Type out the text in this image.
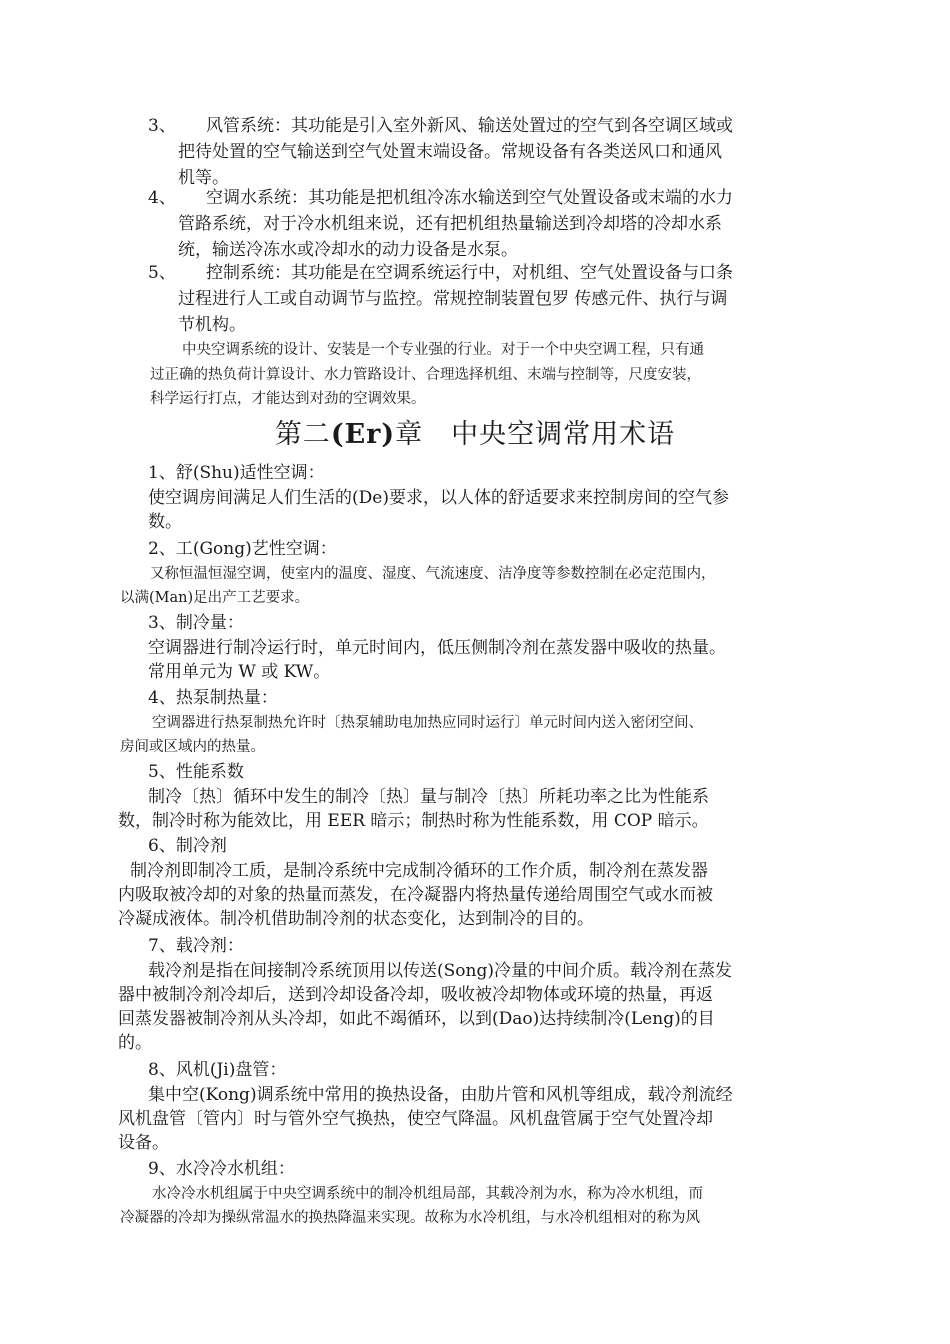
3、	风管系统：其功能是引入室外新风、输送处置过的空气到各空调区域或
把待处置的空气输送到空气处置末端设备。常规设备有各类送风口和通风
机等。
4、	空调水系统：其功能是把机组冷冻水输送到空气处置设备或末端的水力
管路系统，对于冷水机组来说，还有把机组热量输送到冷却塔的冷却水系
统，输送冷冻水或冷却水的动力设备是水泵。
5、	控制系统：其功能是在空调系统运行中，对机组、空气处置设备与口条
过程进行人工或自动调节与监控。常规控制装置包罗 传感元件、执行与调
节机构。
中央空调系统的设计、安装是一个专业强的行业。对于一个中央空调工程，只有通
过正确的热负荷计算设计、水力管路设计、合理选择机组、末端与控制等，尺度安装，
科学运行打点，才能达到对劲的空调效果。
第二(Er)章　中央空调常用术语
1、舒(Shu)适性空调：
使空调房间满足人们生活的(De)要求，以人体的舒适要求来控制房间的空气参
数。
2、工(Gong)艺性空调：
又称恒温恒湿空调，使室内的温度、湿度、气流速度、洁净度等参数控制在必定范围内，
以满(Man)足出产工艺要求。
3、制冷量：
空调器进行制冷运行时，单元时间内，低压侧制冷剂在蒸发器中吸收的热量。
常用单元为 W 或 KW。
4、热泵制热量：
空调器进行热泵制热允许时〔热泵辅助电加热应同时运行〕单元时间内送入密闭空间、
房间或区域内的热量。
5、性能系数
制冷〔热〕循环中发生的制冷〔热〕量与制冷〔热〕所耗功率之比为性能系
数，制冷时称为能效比，用 EER 暗示；制热时称为性能系数，用 COP 暗示。
6、制冷剂
制冷剂即制冷工质，是制冷系统中完成制冷循环的工作介质，制冷剂在蒸发器
内吸取被冷却的对象的热量而蒸发，在冷凝器内将热量传递给周围空气或水而被
冷凝成液体。制冷机借助制冷剂的状态变化，达到制冷的目的。
7、载冷剂：
载冷剂是指在间接制冷系统顶用以传送(Song)冷量的中间介质。载冷剂在蒸发
器中被制冷剂冷却后，送到冷却设备冷却，吸收被冷却物体或环境的热量，再返
回蒸发器被制冷剂从头冷却，如此不竭循环，以到(Dao)达持续制冷(Leng)的目
的。
8、风机(Ji)盘管：
集中空(Kong)调系统中常用的换热设备，由肋片管和风机等组成，载冷剂流经
风机盘管〔管内〕时与管外空气换热，使空气降温。风机盘管属于空气处置冷却
设备。
9、水冷冷水机组：
水冷冷水机组属于中央空调系统中的制冷机组局部，其载冷剂为水，称为冷水机组，而
冷凝器的冷却为操纵常温水的换热降温来实现。故称为水冷机组，与水冷机组相对的称为风
